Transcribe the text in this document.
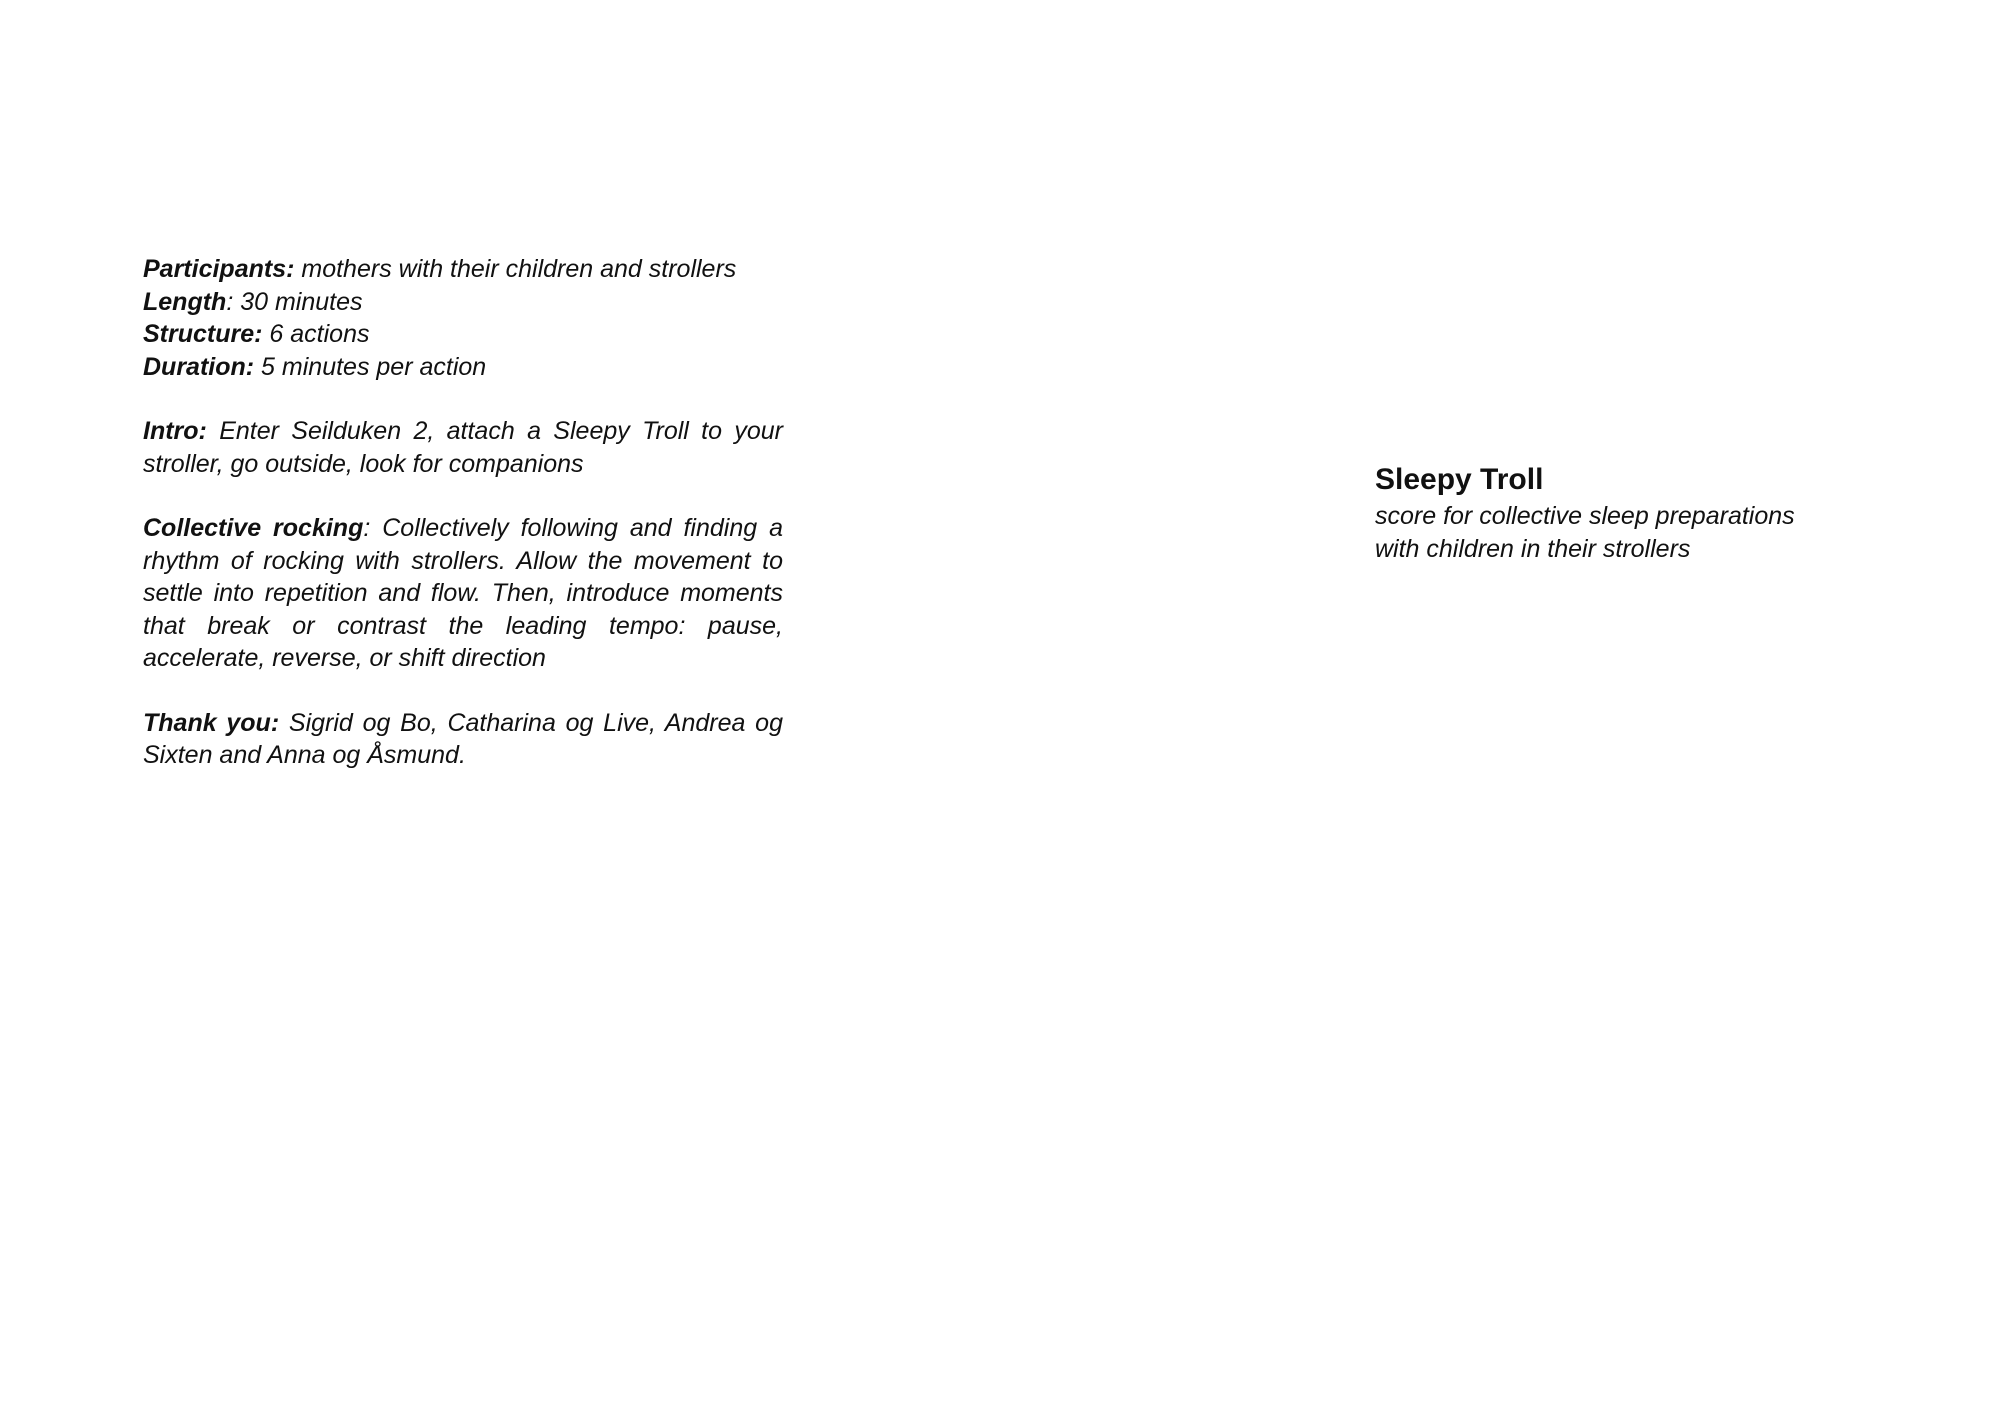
Participants: mothers with their children and strollers

Length: 30 minutes

Structure: 6 actions

Duration: 5 minutes per action

Intro: Enter Seilduken 2, attach a Sleepy Troll to your stroller, go outside, look for companions

Collective rocking: Collectively following and finding a rhythm of rocking with strollers. Allow the movement to settle into repetition and flow. Then, introduce moments that break or contrast the leading tempo: pause, accelerate, reverse, or shift direction

Thank you: Sigrid og Bo, Catharina og Live, Andrea og Sixten and Anna og Åsmund.

Sleepy Troll

score for collective sleep preparations

with children in their strollers
